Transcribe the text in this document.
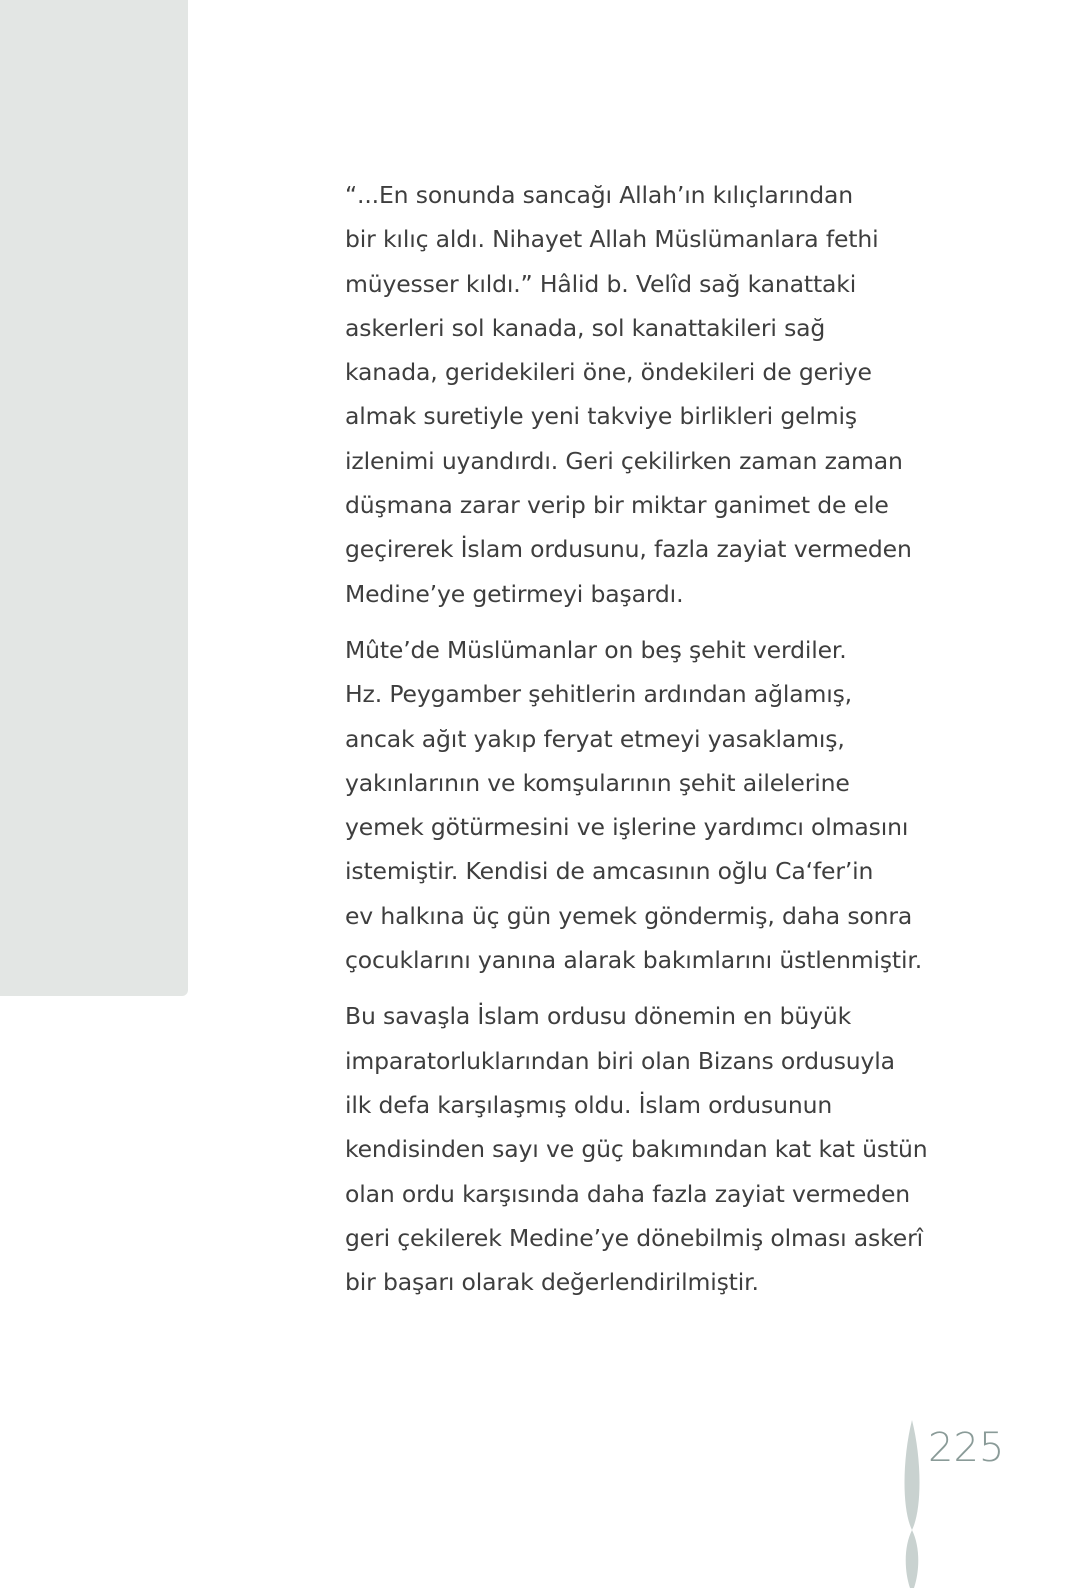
“...En sonunda sancağı Allah’ın kılıçlarından
bir kılıç aldı. Nihayet Allah Müslümanlara fethi
müyesser kıldı.” Hâlid b. Velîd sağ kanattaki
askerleri sol kanada, sol kanattakileri sağ
kanada, geridekileri öne, öndekileri de geriye
almak suretiyle yeni takviye birlikleri gelmiş
izlenimi uyandırdı. Geri çekilirken zaman zaman
düşmana zarar verip bir miktar ganimet de ele
geçirerek İslam ordusunu, fazla zayiat vermeden
Medine’ye getirmeyi başardı.
Mûte’de Müslümanlar on beş şehit verdiler.
Hz. Peygamber şehitlerin ardından ağlamış,
ancak ağıt yakıp feryat etmeyi yasaklamış,
yakınlarının ve komşularının şehit ailelerine
yemek götürmesini ve işlerine yardımcı olmasını
istemiştir. Kendisi de amcasının oğlu Ca‘fer’in
ev halkına üç gün yemek göndermiş, daha sonra
çocuklarını yanına alarak bakımlarını üstlenmiştir.
Bu savaşla İslam ordusu dönemin en büyük
imparatorluklarından biri olan Bizans ordusuyla
ilk defa karşılaşmış oldu. İslam ordusunun
kendisinden sayı ve güç bakımından kat kat üstün
olan ordu karşısında daha fazla zayiat vermeden
geri çekilerek Medine’ye dönebilmiş olması askerî
bir başarı olarak değerlendirilmiştir.
225
